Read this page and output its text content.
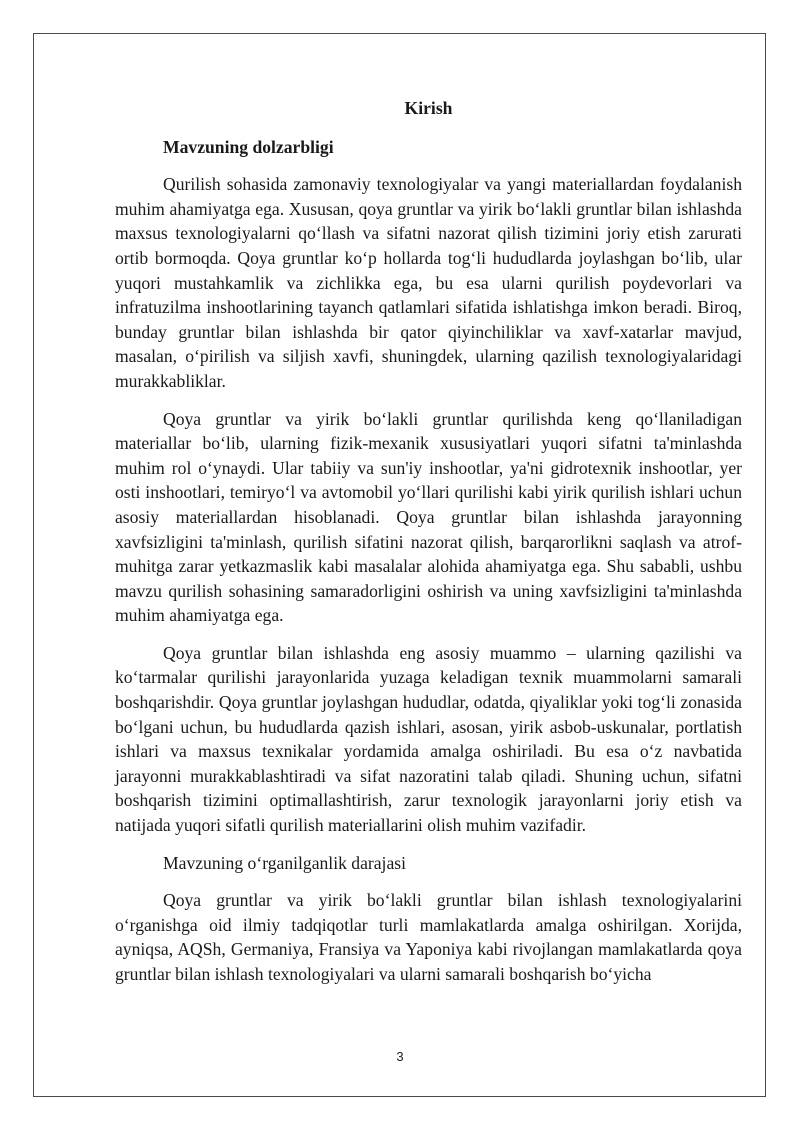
Kirish

Mavzuning dolzarbligi

Qurilish sohasida zamonaviy texnologiyalar va yangi materiallardan foydalanish muhim ahamiyatga ega. Xususan, qoya gruntlar va yirik bo‘lakli gruntlar bilan ishlashda maxsus texnologiyalarni qo‘llash va sifatni nazorat qilish tizimini joriy etish zarurati ortib bormoqda. Qoya gruntlar ko‘p hollarda tog‘li hududlarda joylashgan bo‘lib, ular yuqori mustahkamlik va zichlikka ega, bu esa ularni qurilish poydevorlari va infratuzilma inshootlarining tayanch qatlamlari sifatida ishlatishga imkon beradi. Biroq, bunday gruntlar bilan ishlashda bir qator qiyinchiliklar va xavf-xatarlar mavjud, masalan, o‘pirilish va siljish xavfi, shuningdek, ularning qazilish texnologiyalaridagi murakkabliklar.

Qoya gruntlar va yirik bo‘lakli gruntlar qurilishda keng qo‘llaniladigan materiallar bo‘lib, ularning fizik-mexanik xususiyatlari yuqori sifatni ta'minlashda muhim rol o‘ynaydi. Ular tabiiy va sun'iy inshootlar, ya'ni gidrotexnik inshootlar, yer osti inshootlari, temiryo‘l va avtomobil yo‘llari qurilishi kabi yirik qurilish ishlari uchun asosiy materiallardan hisoblanadi. Qoya gruntlar bilan ishlashda jarayonning xavfsizligini ta'minlash, qurilish sifatini nazorat qilish, barqarorlikni saqlash va atrof-muhitga zarar yetkazmaslik kabi masalalar alohida ahamiyatga ega. Shu sababli, ushbu mavzu qurilish sohasining samaradorligini oshirish va uning xavfsizligini ta'minlashda muhim ahamiyatga ega.

Qoya gruntlar bilan ishlashda eng asosiy muammo – ularning qazilishi va ko‘tarmalar qurilishi jarayonlarida yuzaga keladigan texnik muammolarni samarali boshqarishdir. Qoya gruntlar joylashgan hududlar, odatda, qiyaliklar yoki tog‘li zonasida bo‘lgani uchun, bu hududlarda qazish ishlari, asosan, yirik asbob-uskunalar, portlatish ishlari va maxsus texnikalar yordamida amalga oshiriladi. Bu esa o‘z navbatida jarayonni murakkablashtiradi va sifat nazoratini talab qiladi. Shuning uchun, sifatni boshqarish tizimini optimallashtirish, zarur texnologik jarayonlarni joriy etish va natijada yuqori sifatli qurilish materiallarini olish muhim vazifadir.

Mavzuning o‘rganilganlik darajasi

Qoya gruntlar va yirik bo‘lakli gruntlar bilan ishlash texnologiyalarini o‘rganishga oid ilmiy tadqiqotlar turli mamlakatlarda amalga oshirilgan. Xorijda, ayniqsa, AQSh, Germaniya, Fransiya va Yaponiya kabi rivojlangan mamlakatlarda qoya gruntlar bilan ishlash texnologiyalari va ularni samarali boshqarish bo‘yicha

3
